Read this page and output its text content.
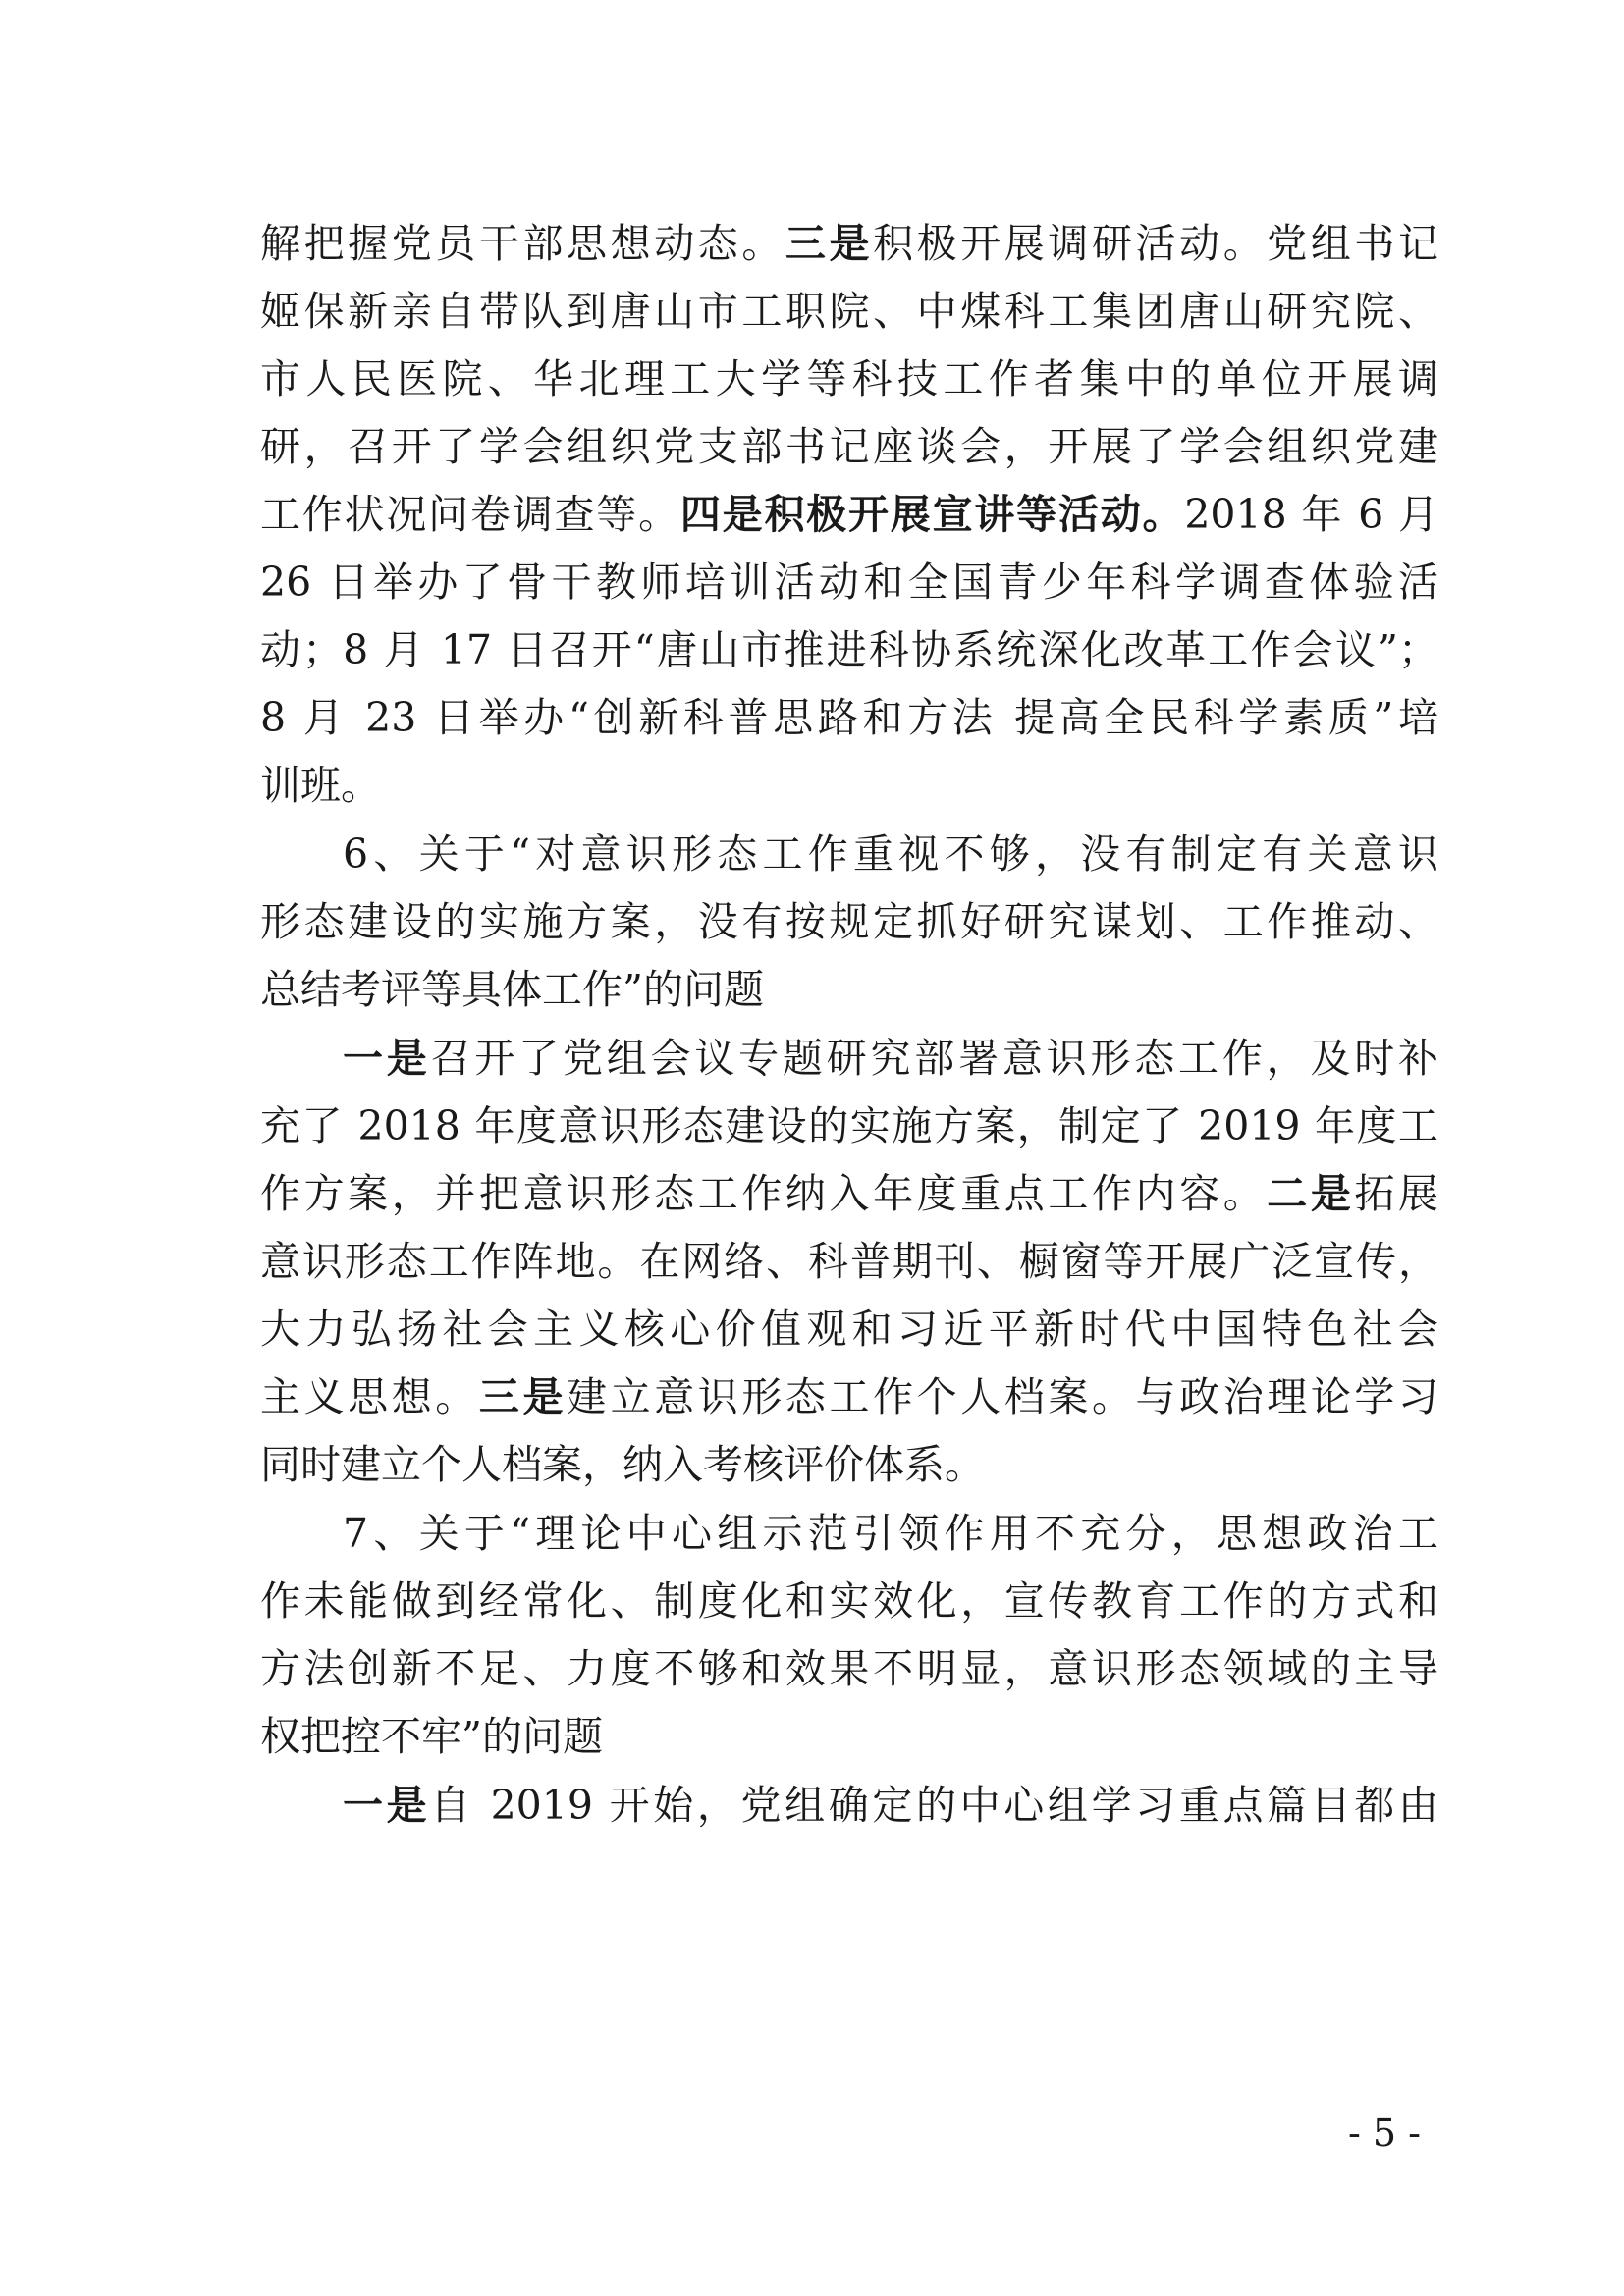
解把握党员干部思想动态。三是积极开展调研活动。党组书记
姬保新亲自带队到唐山市工职院、中煤科工集团唐山研究院、
市人民医院、华北理工大学等科技工作者集中的单位开展调
研，召开了学会组织党支部书记座谈会，开展了学会组织党建
工作状况问卷调查等。四是积极开展宣讲等活动。2018 年 6 月
26 日举办了骨干教师培训活动和全国青少年科学调查体验活
动；8 月 17 日召开“唐山市推进科协系统深化改革工作会议”；
8 月 23 日举办“创新科普思路和方法 提高全民科学素质”培
训班。
6、关于“对意识形态工作重视不够，没有制定有关意识
形态建设的实施方案，没有按规定抓好研究谋划、工作推动、
总结考评等具体工作”的问题
一是召开了党组会议专题研究部署意识形态工作，及时补
充了 2018 年度意识形态建设的实施方案，制定了 2019 年度工
作方案，并把意识形态工作纳入年度重点工作内容。二是拓展
意识形态工作阵地。在网络、科普期刊、橱窗等开展广泛宣传，
大力弘扬社会主义核心价值观和习近平新时代中国特色社会
主义思想。三是建立意识形态工作个人档案。与政治理论学习
同时建立个人档案，纳入考核评价体系。
7、关于“理论中心组示范引领作用不充分，思想政治工
作未能做到经常化、制度化和实效化，宣传教育工作的方式和
方法创新不足、力度不够和效果不明显，意识形态领域的主导
权把控不牢”的问题
一是自 2019 开始，党组确定的中心组学习重点篇目都由
- 5 -
